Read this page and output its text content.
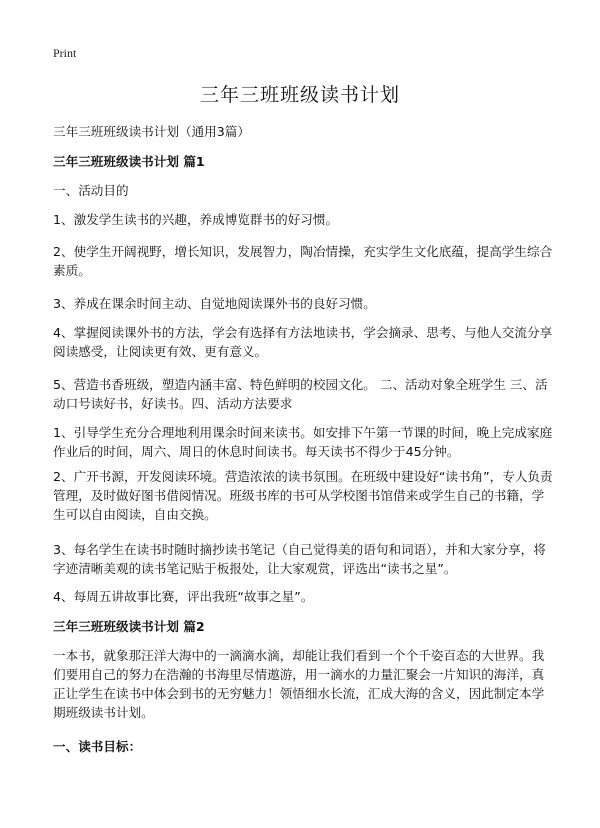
Print
三年三班班级读书计划
三年三班班级读书计划（通用3篇）
三年三班班级读书计划 篇1
一、活动目的
1、激发学生读书的兴趣，养成博览群书的好习惯。
2、使学生开阔视野，增长知识，发展智力，陶冶情操，充实学生文化底蕴，提高学生综合素质。
3、养成在课余时间主动、自觉地阅读课外书的良好习惯。
4、掌握阅读课外书的方法，学会有选择有方法地读书，学会摘录、思考、与他人交流分享阅读感受，让阅读更有效、更有意义。
5、营造书香班级，塑造内涵丰富、特色鲜明的校园文化。 二、活动对象全班学生 三、活动口号读好书，好读书。四、活动方法要求
1、引导学生充分合理地利用课余时间来读书。如安排下午第一节课的时间，晚上完成家庭作业后的时间，周六、周日的休息时间读书。每天读书不得少于45分钟。
2、广开书源，开发阅读环境。营造浓浓的读书氛围。在班级中建设好“读书角”，专人负责管理，及时做好图书借阅情况。班级书库的书可从学校图书馆借来或学生自己的书籍，学生可以自由阅读，自由交换。
3、每名学生在读书时随时摘抄读书笔记（自己觉得美的语句和词语），并和大家分享，将字迹清晰美观的读书笔记贴于板报处，让大家观赏，评选出“读书之星”。
4、每周五讲故事比赛，评出我班“故事之星”。
三年三班班级读书计划 篇2
一本书，就象那汪洋大海中的一滴滴水滴，却能让我们看到一个个千姿百态的大世界。我们要用自己的努力在浩瀚的书海里尽情遨游，用一滴水的力量汇聚会一片知识的海洋，真正让学生在读书中体会到书的无穷魅力！领悟细水长流，汇成大海的含义，因此制定本学期班级读书计划。
一、读书目标：
